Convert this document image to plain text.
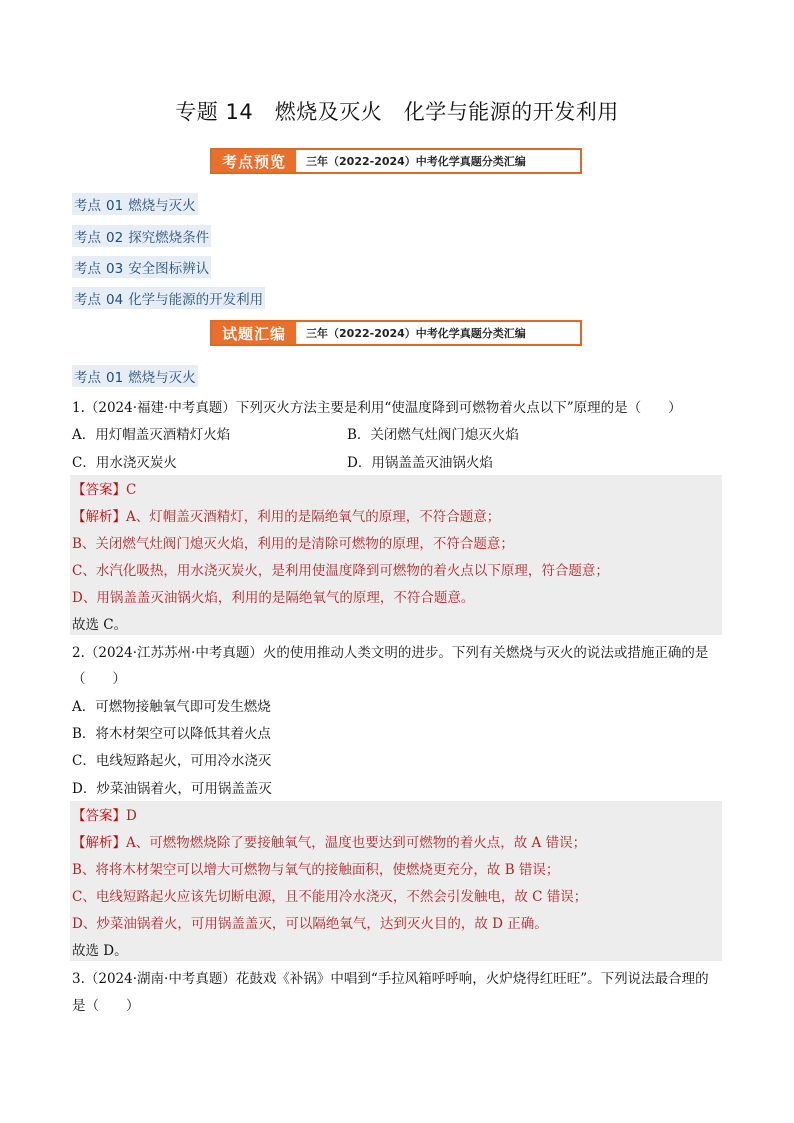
专题 14　燃烧及灭火　化学与能源的开发利用
考点预览	三年（2022-2024）中考化学真题分类汇编
考点 01 燃烧与灭火
考点 02 探究燃烧条件
考点 03 安全图标辨认
考点 04 化学与能源的开发利用
试题汇编	三年（2022-2024）中考化学真题分类汇编
考点 01 燃烧与灭火
1.（2024·福建·中考真题）下列灭火方法主要是利用“使温度降到可燃物着火点以下”原理的是（　　）
A．用灯帽盖灭酒精灯火焰	B．关闭燃气灶阀门熄灭火焰
C．用水浇灭炭火	D．用锅盖盖灭油锅火焰
【答案】C
【解析】A、灯帽盖灭酒精灯，利用的是隔绝氧气的原理，不符合题意；
B、关闭燃气灶阀门熄灭火焰，利用的是清除可燃物的原理，不符合题意；
C、水汽化吸热，用水浇灭炭火，是利用使温度降到可燃物的着火点以下原理，符合题意；
D、用锅盖盖灭油锅火焰，利用的是隔绝氧气的原理，不符合题意。
故选 C。
2.（2024·江苏苏州·中考真题）火的使用推动人类文明的进步。下列有关燃烧与灭火的说法或措施正确的是
（　　）
A．可燃物接触氧气即可发生燃烧
B．将木材架空可以降低其着火点
C．电线短路起火，可用冷水浇灭
D．炒菜油锅着火，可用锅盖盖灭
【答案】D
【解析】A、可燃物燃烧除了要接触氧气，温度也要达到可燃物的着火点，故 A 错误；
B、将将木材架空可以增大可燃物与氧气的接触面积，使燃烧更充分，故 B 错误；
C、电线短路起火应该先切断电源，且不能用冷水浇灭，不然会引发触电，故 C 错误；
D、炒菜油锅着火，可用锅盖盖灭，可以隔绝氧气，达到灭火目的，故 D 正确。
故选 D。
3.（2024·湖南·中考真题）花鼓戏《补锅》中唱到“手拉风箱呼呼响，火炉烧得红旺旺”。下列说法最合理的
是（　　）
